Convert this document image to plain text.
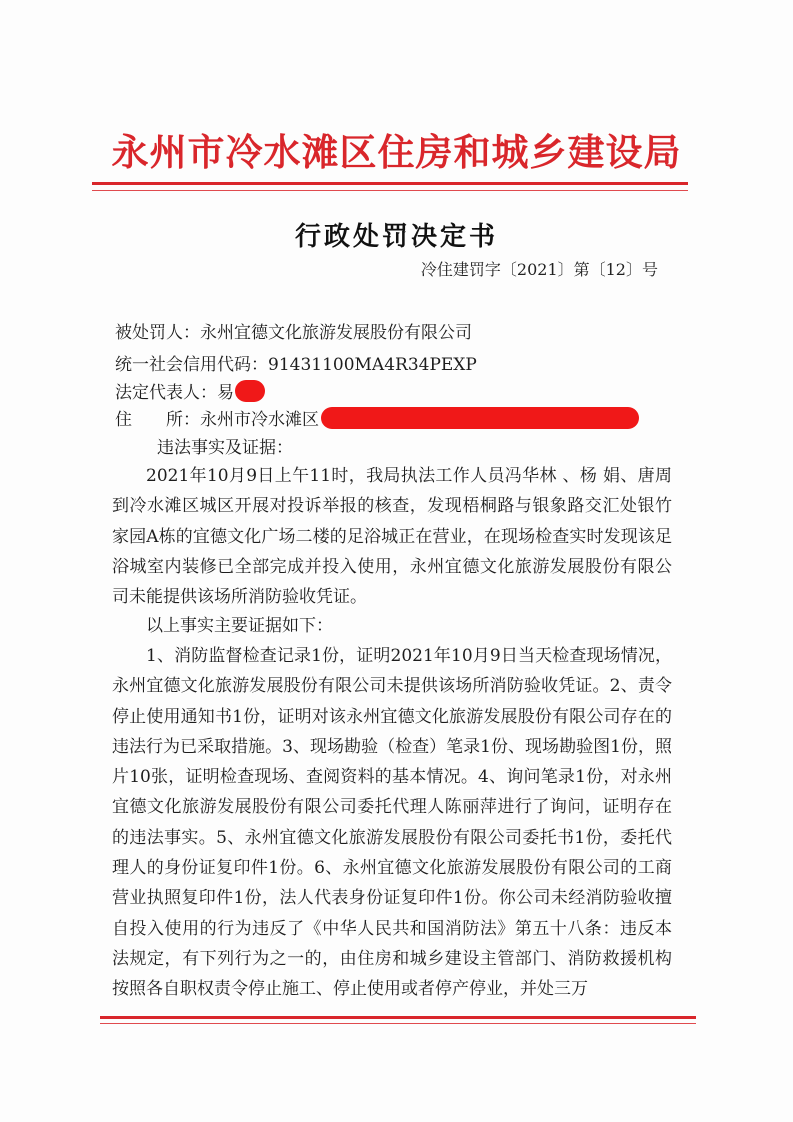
永州市冷水滩区住房和城乡建设局
行政处罚决定书
冷住建罚字〔2021〕第〔12〕号
被处罚人：永州宜德文化旅游发展股份有限公司
统一社会信用代码：91431100MA4R34PEXP
法定代表人：易
住　　所：永州市冷水滩区
违法事实及证据：

2021年10月9日上午11时，我局执法工作人员冯华林 、杨 娟、唐周到冷水滩区城区开展对投诉举报的核查，发现梧桐路与银象路交汇处银竹家园A栋的宜德文化广场二楼的足浴城正在营业，在现场检查实时发现该足浴城室内装修已全部完成并投入使用，永州宜德文化旅游发展股份有限公司未能提供该场所消防验收凭证。

以上事实主要证据如下：

1、消防监督检查记录1份，证明2021年10月9日当天检查现场情况，永州宜德文化旅游发展股份有限公司未提供该场所消防验收凭证。2、责令停止使用通知书1份，证明对该永州宜德文化旅游发展股份有限公司存在的违法行为已采取措施。3、现场勘验（检查）笔录1份、现场勘验图1份，照片10张，证明检查现场、查阅资料的基本情况。4、询问笔录1份，对永州宜德文化旅游发展股份有限公司委托代理人陈丽萍进行了询问，证明存在的违法事实。5、永州宜德文化旅游发展股份有限公司委托书1份，委托代理人的身份证复印件1份。6、永州宜德文化旅游发展股份有限公司的工商营业执照复印件1份，法人代表身份证复印件1份。你公司未经消防验收擅自投入使用的行为违反了《中华人民共和国消防法》第五十八条：违反本法规定，有下列行为之一的，由住房和城乡建设主管部门、消防救援机构按照各自职权责令停止施工、停止使用或者停产停业，并处三万
